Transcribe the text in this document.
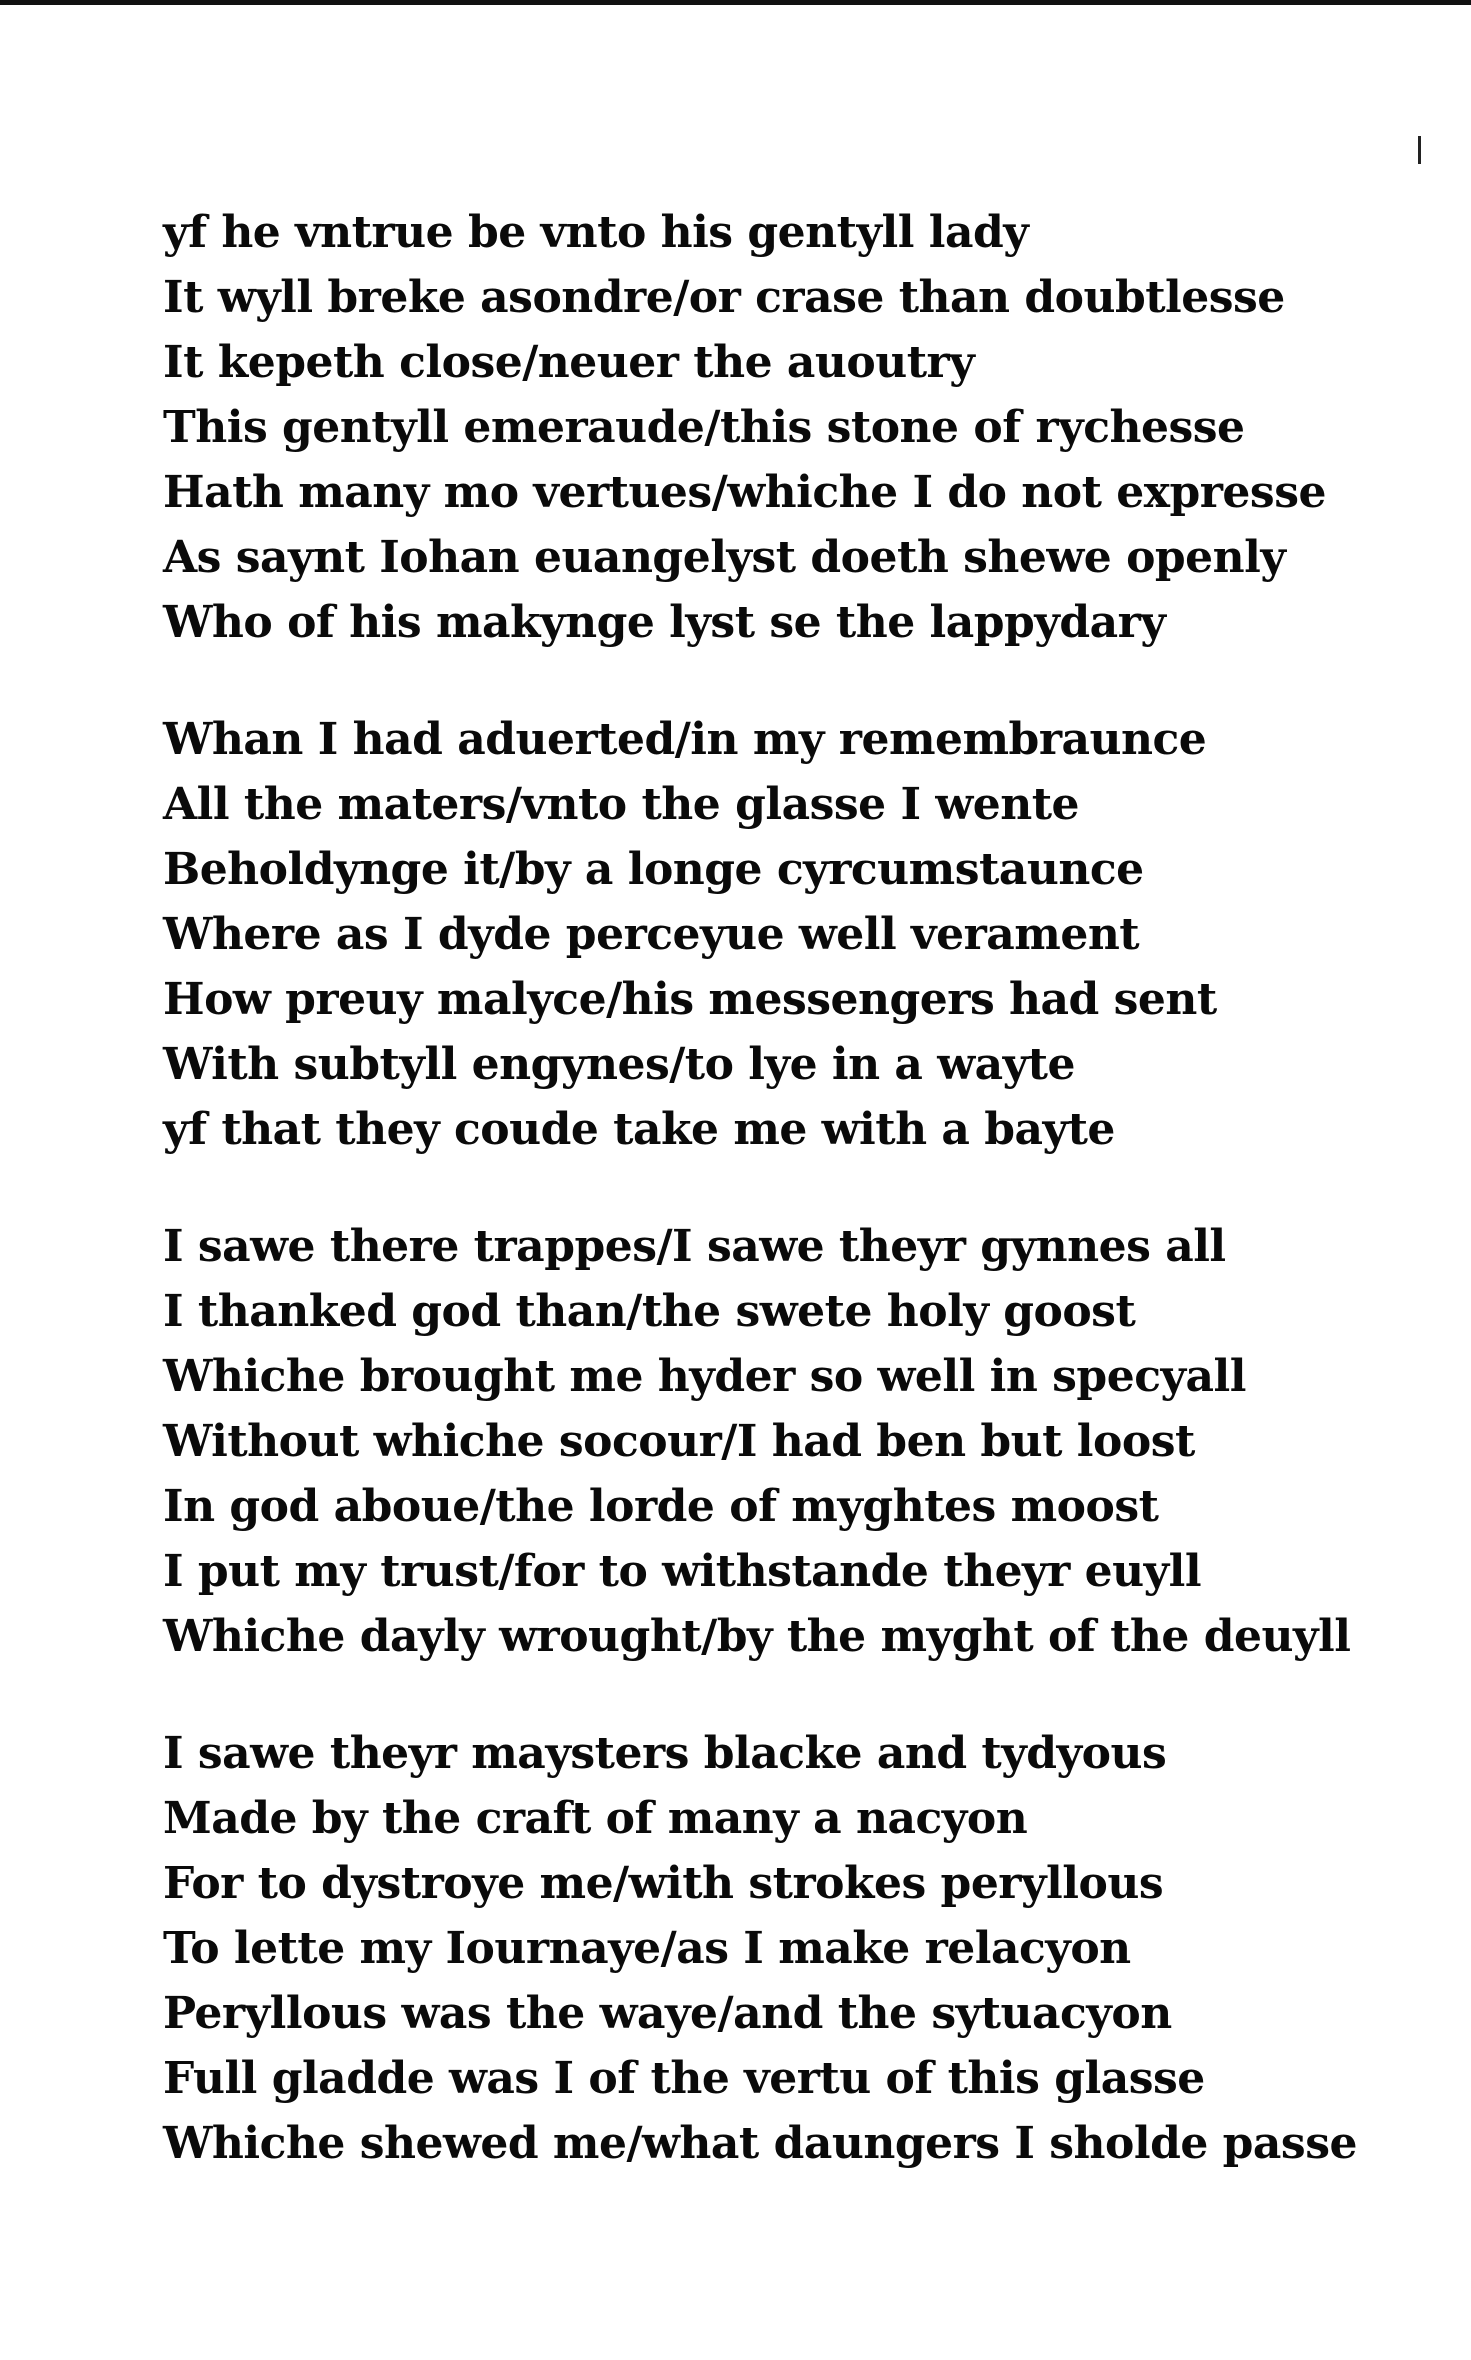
yf he vntrue be vnto his gentyll lady
It wyll breke asondre/or crase than doubtlesse
It kepeth close/neuer the auoutry
This gentyll emeraude/this stone of rychesse
Hath many mo vertues/whiche I do not expresse
As saynt Iohan euangelyst doeth shewe openly
Who of his makynge lyst se the lappydary
Whan I had aduerted/in my remembraunce
All the maters/vnto the glasse I wente
Beholdynge it/by a longe cyrcumstaunce
Where as I dyde perceyue well verament
How preuy malyce/his messengers had sent
With subtyll engynes/to lye in a wayte
yf that they coude take me with a bayte
I sawe there trappes/I sawe theyr gynnes all
I thanked god than/the swete holy goost
Whiche brought me hyder so well in specyall
Without whiche socour/I had ben but loost
In god aboue/the lorde of myghtes moost
I put my trust/for to withstande theyr euyll
Whiche dayly wrought/by the myght of the deuyll
I sawe theyr maysters blacke and tydyous
Made by the craft of many a nacyon
For to dystroye me/with strokes peryllous
To lette my Iournaye/as I make relacyon
Peryllous was the waye/and the sytuacyon
Full gladde was I of the vertu of this glasse
Whiche shewed me/what daungers I sholde passe
